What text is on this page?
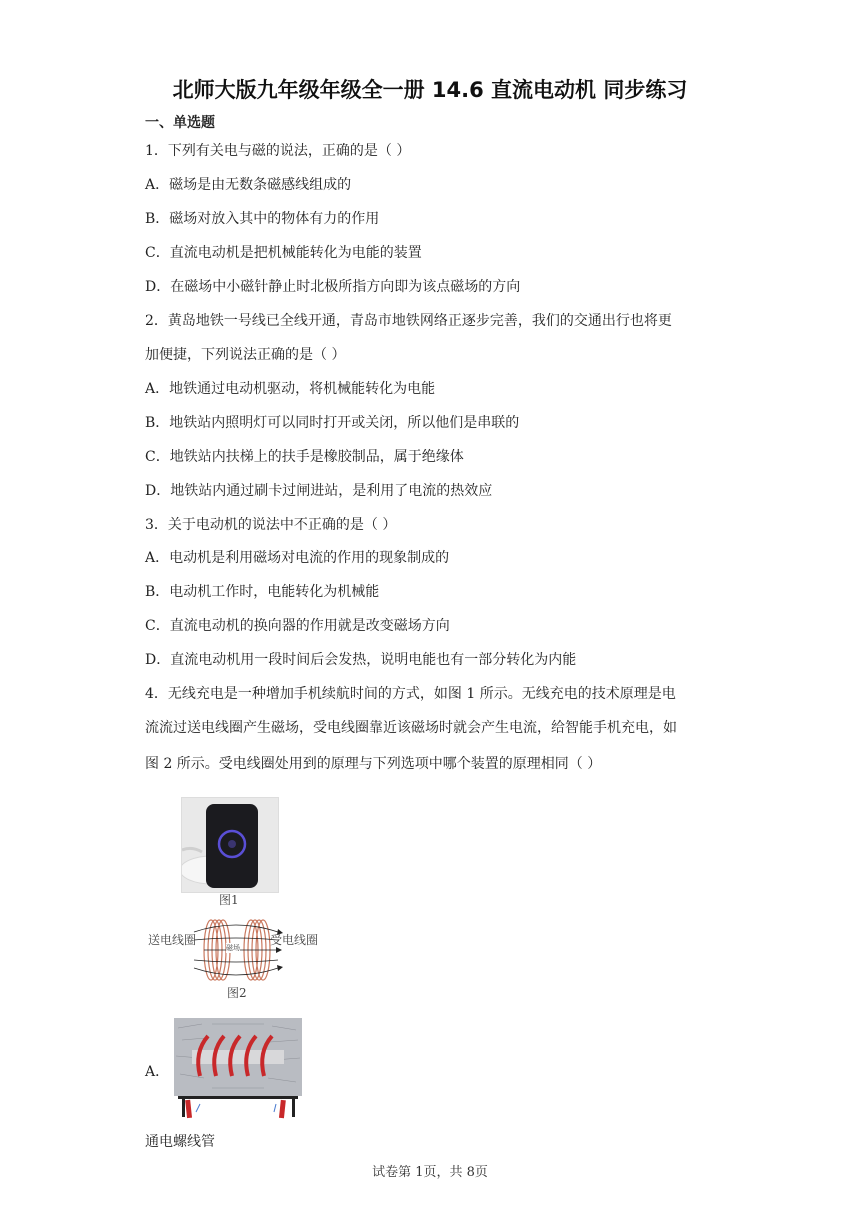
北师大版九年级年级全一册 14.6 直流电动机 同步练习
一、单选题
1．下列有关电与磁的说法，正确的是（ ）
A．磁场是由无数条磁感线组成的
B．磁场对放入其中的物体有力的作用
C．直流电动机是把机械能转化为电能的装置
D．在磁场中小磁针静止时北极所指方向即为该点磁场的方向
2．黄岛地铁一号线已全线开通，青岛市地铁网络正逐步完善，我们的交通出行也将更
加便捷，下列说法正确的是（ ）
A．地铁通过电动机驱动，将机械能转化为电能
B．地铁站内照明灯可以同时打开或关闭，所以他们是串联的
C．地铁站内扶梯上的扶手是橡胶制品，属于绝缘体
D．地铁站内通过刷卡过闸进站，是利用了电流的热效应
3．关于电动机的说法中不正确的是（ ）
A．电动机是利用磁场对电流的作用的现象制成的
B．电动机工作时，电能转化为机械能
C．直流电动机的换向器的作用就是改变磁场方向
D．直流电动机用一段时间后会发热，说明电能也有一部分转化为内能
4．无线充电是一种增加手机续航时间的方式，如图 1 所示。无线充电的技术原理是电
流流过送电线圈产生磁场，受电线圈靠近该磁场时就会产生电流，给智能手机充电，如
图 2 所示。受电线圈处用到的原理与下列选项中哪个装置的原理相同（ ）
图1
送电线圈	受电线圈
磁场
图2
A．
通电螺线管
试卷第 1页，共 8页
